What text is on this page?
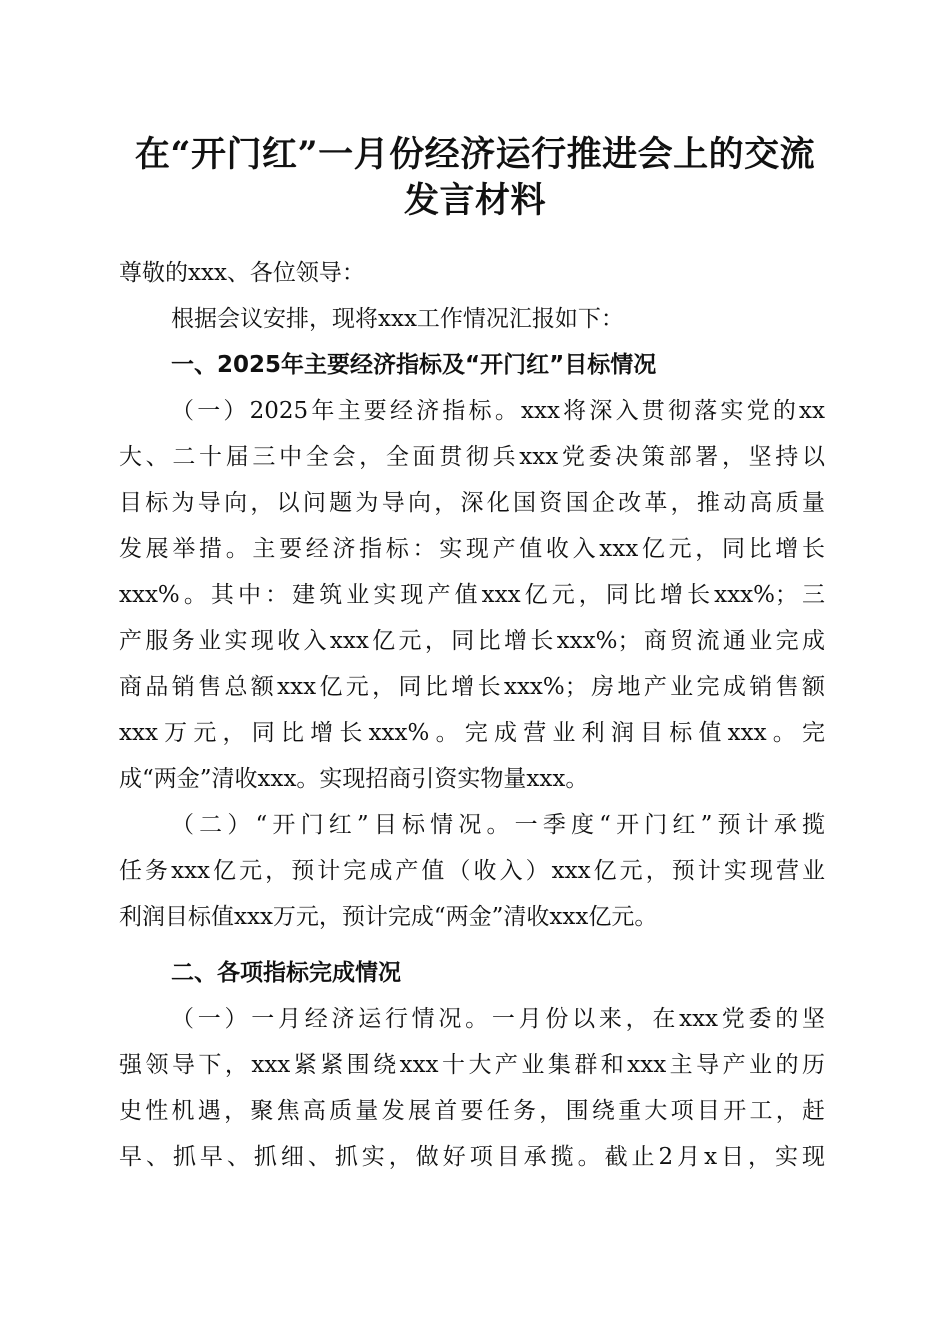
在“开门红”一月份经济运行推进会上的交流
发言材料
尊敬的xxx、各位领导：
根据会议安排，现将xxx工作情况汇报如下：
一、2025年主要经济指标及“开门红”目标情况
（一）2025年主要经济指标。xxx将深入贯彻落实党的xx
大、二十届三中全会，全面贯彻兵xxx党委决策部署，坚持以
目标为导向，以问题为导向，深化国资国企改革，推动高质量
发展举措。主要经济指标：实现产值收入xxx亿元，同比增长
xxx%。其中：建筑业实现产值xxx亿元，同比增长xxx%；三
产服务业实现收入xxx亿元，同比增长xxx%；商贸流通业完成
商品销售总额xxx亿元，同比增长xxx%；房地产业完成销售额
xxx万元，同比增长xxx%。完成营业利润目标值xxx。完
成“两金”清收xxx。实现招商引资实物量xxx。
（二）“开门红”目标情况。一季度“开门红”预计承揽
任务xxx亿元，预计完成产值（收入）xxx亿元，预计实现营业
利润目标值xxx万元，预计完成“两金”清收xxx亿元。
二、各项指标完成情况
（一）一月经济运行情况。一月份以来，在xxx党委的坚
强领导下，xxx紧紧围绕xxx十大产业集群和xxx主导产业的历
史性机遇，聚焦高质量发展首要任务，围绕重大项目开工，赶
早、抓早、抓细、抓实，做好项目承揽。截止2月x日，实现
